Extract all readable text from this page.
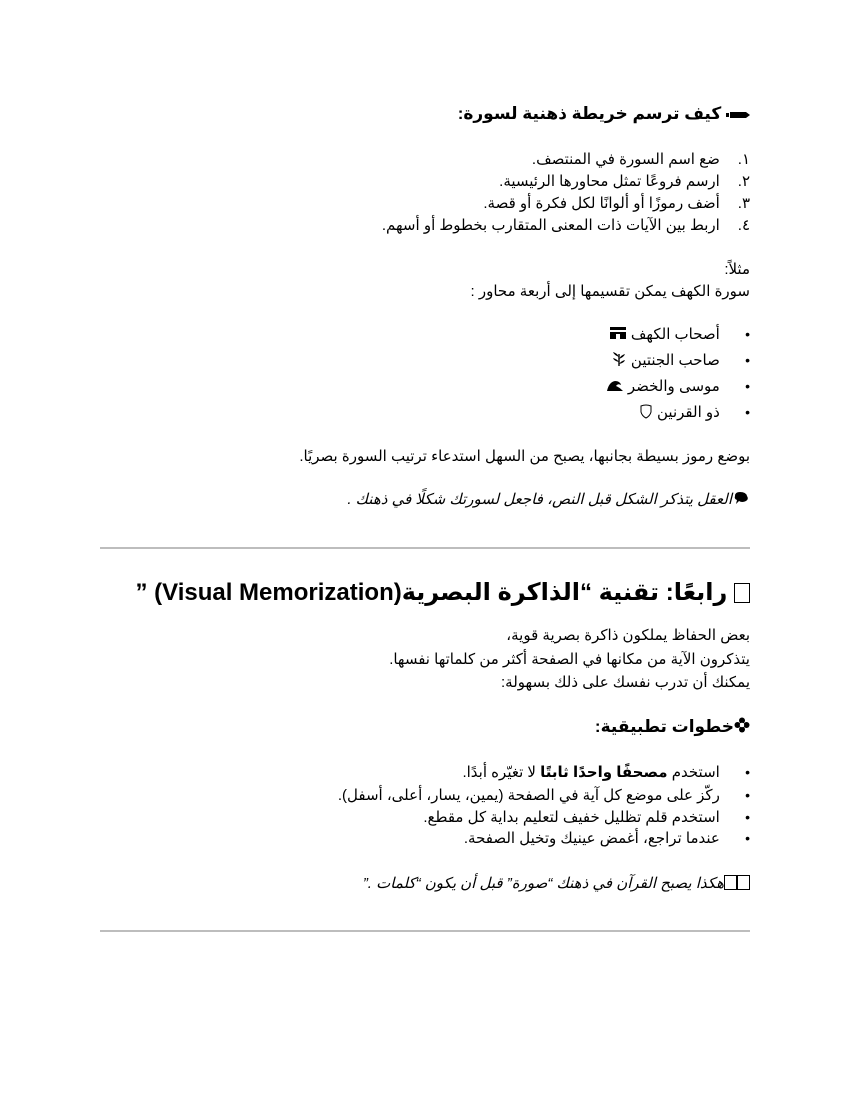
كيف ترسم خريطة ذهنية لسورة:
١. ضع اسم السورة في المنتصف.
٢. ارسم فروعًا تمثل محاورها الرئيسية.
٣. أضف رموزًا أو ألوانًا لكل فكرة أو قصة.
٤. اربط بين الآيات ذات المعنى المتقارب بخطوط أو أسهم.
مثلاً:
سورة الكهف يمكن تقسيمها إلى أربعة محاور :
• أصحاب الكهف
• صاحب الجنتين
• موسى والخضر
• ذو القرنين
بوضع رموز بسيطة بجانبها، يصبح من السهل استدعاء ترتيب السورة بصريًا.
العقل يتذكر الشكل قبل النص، فاجعل لسورتك شكلًا في ذهنك .
رابعًا: تقنية “الذاكرة البصرية(Visual Memorization) ”
بعض الحفاظ يملكون ذاكرة بصرية قوية،
يتذكرون الآية من مكانها في الصفحة أكثر من كلماتها نفسها.
يمكنك أن تدرب نفسك على ذلك بسهولة:
خطوات تطبيقية:
• استخدم مصحفًا واحدًا ثابتًا لا تغيّره أبدًا.
• ركّز على موضع كل آية في الصفحة (يمين، يسار، أعلى، أسفل).
• استخدم قلم تظليل خفيف لتعليم بداية كل مقطع.
• عندما تراجع، أغمض عينيك وتخيل الصفحة.
هكذا يصبح القرآن في ذهنك “صورة” قبل أن يكون “كلمات .”
